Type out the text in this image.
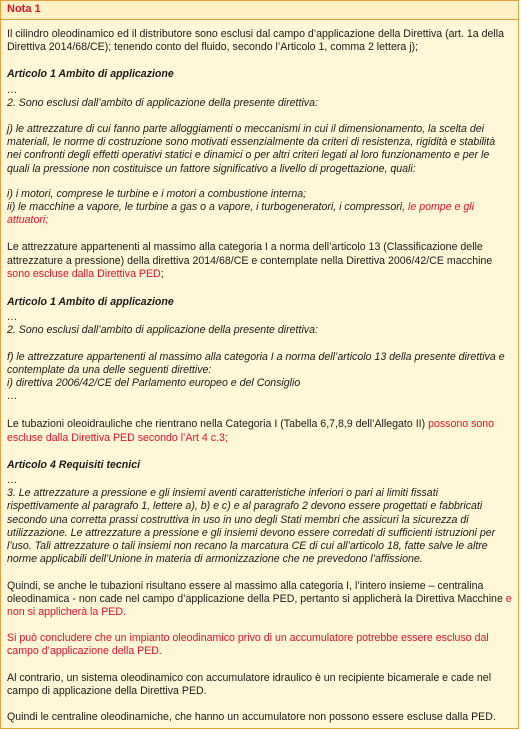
Nota 1

Il cilindro oleodinamico ed il distributore sono esclusi dal campo d’applicazione della Direttiva (art. 1a della Direttiva 2014/68/CE); tenendo conto del fluido, secondo l’Articolo 1, comma 2 lettera j);

Articolo 1 Ambito di applicazione

…

2. Sono esclusi dall’ambito di applicazione della presente direttiva:

j) le attrezzature di cui fanno parte alloggiamenti o meccanismi in cui il dimensionamento, la scelta dei materiali, le norme di costruzione sono motivati essenzialmente da criteri di resistenza, rigidità e stabilità nei confronti degli effetti operativi statici e dinamici o per altri criteri legati al loro funzionamento e per le quali la pressione non costituisce un fattore significativo a livello di progettazione, quali:

i) i motori, comprese le turbine e i motori a combustione interna;

ii) le macchine a vapore, le turbine a gas o a vapore, i turbogeneratori, i compressori, le pompe e gli attuatori;

Le attrezzature appartenenti al massimo alla categoria I a norma dell’articolo 13 (Classificazione delle attrezzature a pressione) della direttiva 2014/68/CE e contemplate nella Direttiva 2006/42/CE macchine sono escluse dalla Direttiva PED;

Articolo 1 Ambito di applicazione

…

2. Sono esclusi dall’ambito di applicazione della presente direttiva:

f) le attrezzature appartenenti al massimo alla categoria I a norma dell’articolo 13 della presente direttiva e contemplate da una delle seguenti direttive:

i) direttiva 2006/42/CE del Parlamento europeo e del Consiglio

…

Le tubazioni oleoidrauliche che rientrano nella Categoria I (Tabella 6,7,8,9 dell’Allegato II) possono sono escluse dalla Direttiva PED secondo l’Art 4 c.3;

Articolo 4 Requisiti tecnici

…

3. Le attrezzature a pressione e gli insiemi aventi caratteristiche inferiori o pari ai limiti fissati rispettivamente al paragrafo 1, lettere a), b) e c) e al paragrafo 2 devono essere progettati e fabbricati secondo una corretta prassi costruttiva in uso in uno degli Stati membri che assicuri la sicurezza di utilizzazione. Le attrezzature a pressione e gli insiemi devono essere corredati di sufficienti istruzioni per l’uso. Tali attrezzature o tali insiemi non recano la marcatura CE di cui all’articolo 18, fatte salve le altre norme applicabili dell’Unione in materia di armonizzazione che ne prevedono l’affissione.

Quindi, se anche le tubazioni risultano essere al massimo alla categoria I, l’intero insieme – centralina oleodinamica - non cade nel campo d’applicazione della PED, pertanto si applicherà la Direttiva Macchine e non si applicherà la PED.

Si può concludere che un impianto oleodinamico privo di un accumulatore potrebbe essere escluso dal campo d’applicazione della PED.

Al contrario, un sistema oleodinamico con accumulatore idraulico è un recipiente bicamerale e cade nel campo di applicazione della Direttiva PED.

Quindi le centraline oleodinamiche, che hanno un accumulatore non possono essere escluse dalla PED.
